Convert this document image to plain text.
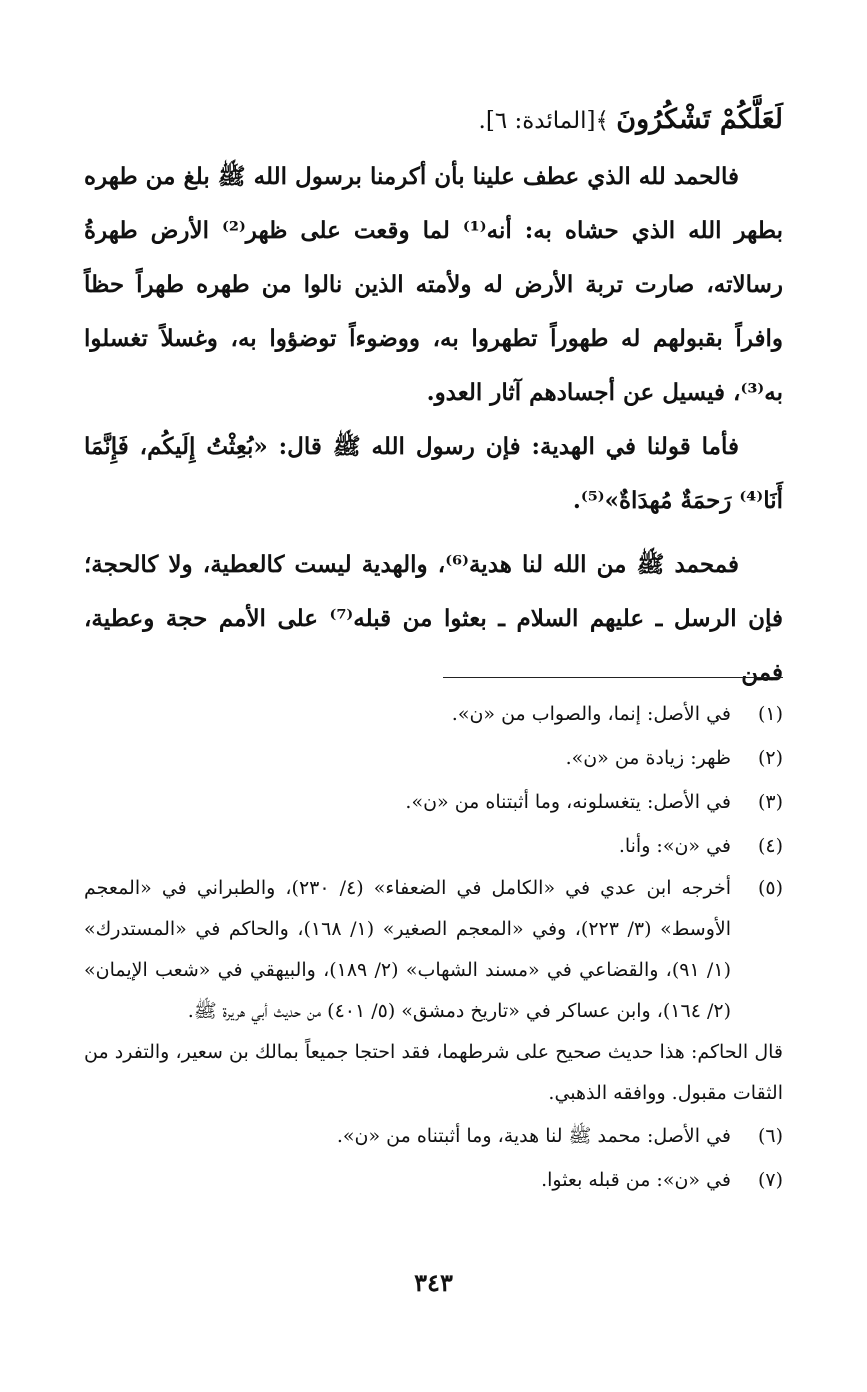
لَعَلَّكُمْ تَشْكُرُونَ ﴾[المائدة: ٦].

فالحمد لله الذي عطف علينا بأن أكرمنا برسول الله ﷺ بلغ من طهره بطهر الله الذي حشاه به: أنه⁽¹⁾ لما وقعت على ظهر⁽²⁾ الأرض طهرةُ رسالاته، صارت تربة الأرض له ولأمته الذين نالوا من طهره طهراً حظاً وافراً بقبولهم له طهوراً تطهروا به، ووضوءاً توضؤوا به، وغسلاً تغسلوا به⁽³⁾، فيسيل عن أجسادهم آثار العدو.

فأما قولنا في الهدية: فإن رسول الله ﷺ قال: «بُعِثْتُ إِلَيكُم، فَإِنَّمَا أَنَا⁽⁴⁾ رَحمَةٌ مُهدَاةٌ»⁽⁵⁾.

فمحمد ﷺ من الله لنا هدية⁽⁶⁾، والهدية ليست كالعطية، ولا كالحجة؛ فإن الرسل ـ عليهم السلام ـ بعثوا من قبله⁽⁷⁾ على الأمم حجة وعطية، فمن

(١)
في الأصل: إنما، والصواب من «ن».

(٢)
ظهر: زيادة من «ن».

(٣)
في الأصل: يتغسلونه، وما أثبتناه من «ن».

(٤)
في «ن»: وأنا.

(٥)
أخرجه ابن عدي في «الكامل في الضعفاء» (٤/ ٢٣٠)، والطبراني في «المعجم الأوسط» (٣/ ٢٢٣)، وفي «المعجم الصغير» (١/ ١٦٨)، والحاكم في «المستدرك» (١/ ٩١)، والقضاعي في «مسند الشهاب» (٢/ ١٨٩)، والبيهقي في «شعب الإيمان» (٢/ ١٦٤)، وابن عساكر في «تاريخ دمشق» (٥/ ٤٠١) من حديث أبي هريرة ﷺ.

قال الحاكم: هذا حديث صحيح على شرطهما، فقد احتجا جميعاً بمالك بن سعير، والتفرد من الثقات مقبول. ووافقه الذهبي.

(٦)
في الأصل: محمد ﷺ لنا هدية، وما أثبتناه من «ن».

(٧)
في «ن»: من قبله بعثوا.

٣٤٣
